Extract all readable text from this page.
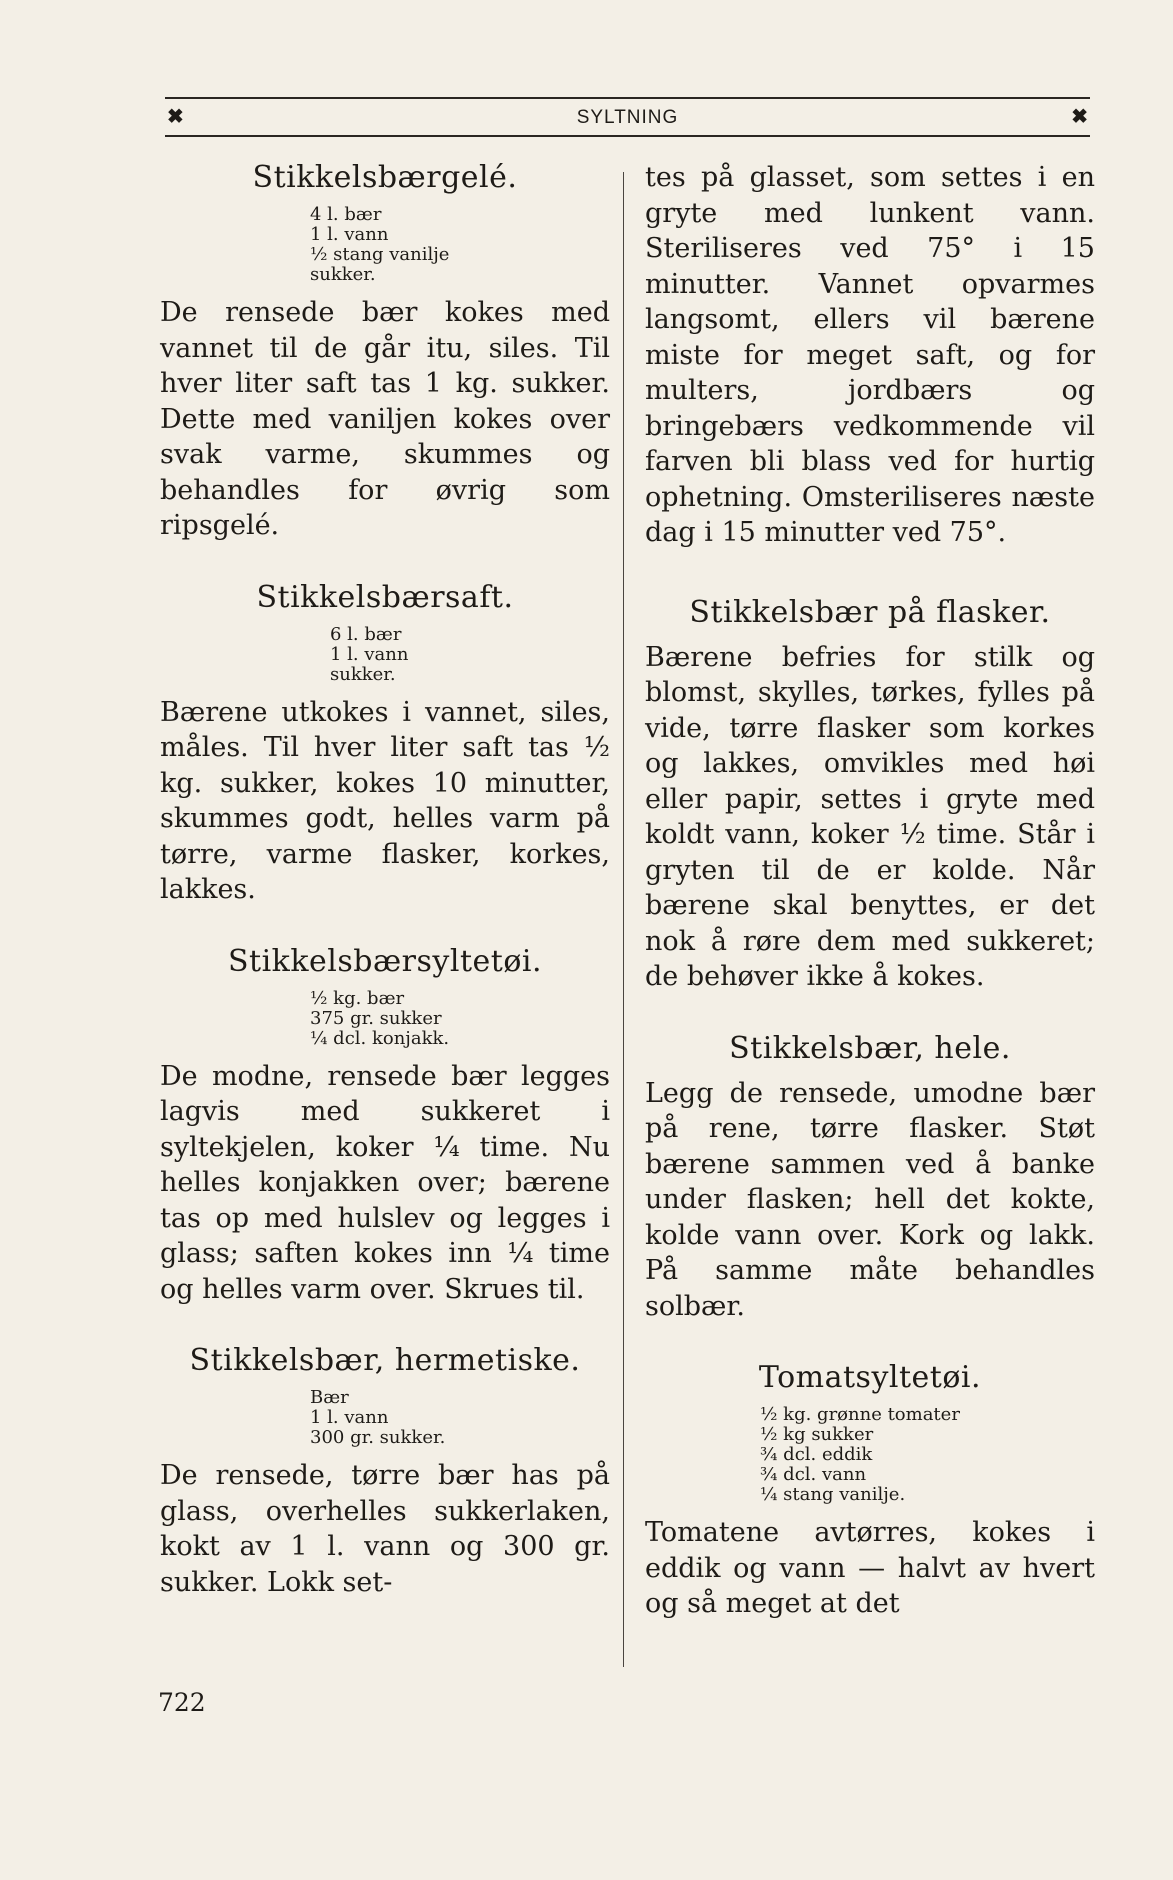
✖	SYLTNING	✖
Stikkelsbærgelé.
4 l. bær
1 l. vann
½ stang vanilje
sukker.

De rensede bær kokes med vannet til de går itu, siles. Til hver liter saft tas 1 kg. sukker. Dette med vaniljen kokes over svak varme, skummes og behandles for øvrig som ripsgelé.

Stikkelsbærsaft.
6 l. bær
1 l. vann
sukker.

Bærene utkokes i vannet, siles, måles. Til hver liter saft tas ½ kg. sukker, kokes 10 minutter, skummes godt, helles varm på tørre, varme flasker, korkes, lakkes.

Stikkelsbærsyltetøi.
½ kg. bær
375 gr. sukker
¼ dcl. konjakk.

De modne, rensede bær legges lagvis med sukkeret i syltekjelen, koker ¼ time. Nu helles konjakken over; bærene tas op med hulslev og legges i glass; saften kokes inn ¼ time og helles varm over. Skrues til.

Stikkelsbær, hermetiske.
Bær
1 l. vann
300 gr. sukker.

De rensede, tørre bær has på glass, overhelles sukkerlaken, kokt av 1 l. vann og 300 gr. sukker. Lokk set-

tes på glasset, som settes i en gryte med lunkent vann. Steriliseres ved 75° i 15 minutter. Vannet opvarmes langsomt, ellers vil bærene miste for meget saft, og for multers, jordbærs og bringebærs vedkommende vil farven bli blass ved for hurtig ophetning. Omsteriliseres næste dag i 15 minutter ved 75°.

Stikkelsbær på flasker.

Bærene befries for stilk og blomst, skylles, tørkes, fylles på vide, tørre flasker som korkes og lakkes, omvikles med høi eller papir, settes i gryte med koldt vann, koker ½ time. Står i gryten til de er kolde. Når bærene skal benyttes, er det nok å røre dem med sukkeret; de behøver ikke å kokes.

Stikkelsbær, hele.

Legg de rensede, umodne bær på rene, tørre flasker. Støt bærene sammen ved å banke under flasken; hell det kokte, kolde vann over. Kork og lakk. På samme måte behandles solbær.

Tomatsyltetøi.
½ kg. grønne tomater
½ kg sukker
¾ dcl. eddik
¾ dcl. vann
¼ stang vanilje.

Tomatene avtørres, kokes i eddik og vann — halvt av hvert og så meget at det

722
